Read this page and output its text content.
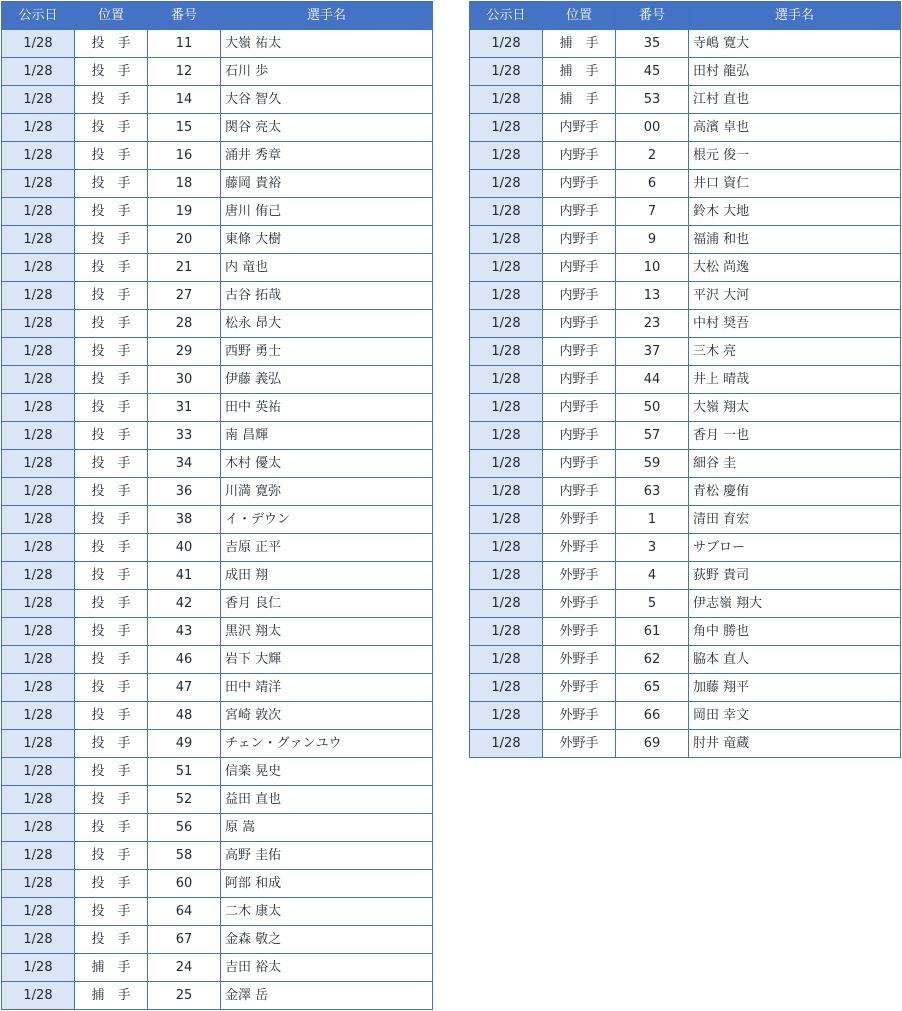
公示日	位置	番号	選手名
1/28	投　手	11	大嶺 祐太
1/28	投　手	12	石川 歩
1/28	投　手	14	大谷 智久
1/28	投　手	15	関谷 亮太
1/28	投　手	16	涌井 秀章
1/28	投　手	18	藤岡 貴裕
1/28	投　手	19	唐川 侑己
1/28	投　手	20	東條 大樹
1/28	投　手	21	内 竜也
1/28	投　手	27	古谷 拓哉
1/28	投　手	28	松永 昂大
1/28	投　手	29	西野 勇士
1/28	投　手	30	伊藤 義弘
1/28	投　手	31	田中 英祐
1/28	投　手	33	南 昌輝
1/28	投　手	34	木村 優太
1/28	投　手	36	川満 寛弥
1/28	投　手	38	イ・デウン
1/28	投　手	40	吉原 正平
1/28	投　手	41	成田 翔
1/28	投　手	42	香月 良仁
1/28	投　手	43	黒沢 翔太
1/28	投　手	46	岩下 大輝
1/28	投　手	47	田中 靖洋
1/28	投　手	48	宮崎 敦次
1/28	投　手	49	チェン・グァンユウ
1/28	投　手	51	信楽 晃史
1/28	投　手	52	益田 直也
1/28	投　手	56	原 嵩
1/28	投　手	58	高野 圭佑
1/28	投　手	60	阿部 和成
1/28	投　手	64	二木 康太
1/28	投　手	67	金森 敬之
1/28	捕　手	24	吉田 裕太
1/28	捕　手	25	金澤 岳
公示日	位置	番号	選手名
1/28	捕　手	35	寺嶋 寛大
1/28	捕　手	45	田村 龍弘
1/28	捕　手	53	江村 直也
1/28	内野手	00	高濱 卓也
1/28	内野手	2	根元 俊一
1/28	内野手	6	井口 資仁
1/28	内野手	7	鈴木 大地
1/28	内野手	9	福浦 和也
1/28	内野手	10	大松 尚逸
1/28	内野手	13	平沢 大河
1/28	内野手	23	中村 奨吾
1/28	内野手	37	三木 亮
1/28	内野手	44	井上 晴哉
1/28	内野手	50	大嶺 翔太
1/28	内野手	57	香月 一也
1/28	内野手	59	細谷 圭
1/28	内野手	63	青松 慶侑
1/28	外野手	1	清田 育宏
1/28	外野手	3	サブロー
1/28	外野手	4	荻野 貴司
1/28	外野手	5	伊志嶺 翔大
1/28	外野手	61	角中 勝也
1/28	外野手	62	脇本 直人
1/28	外野手	65	加藤 翔平
1/28	外野手	66	岡田 幸文
1/28	外野手	69	肘井 竜蔵
